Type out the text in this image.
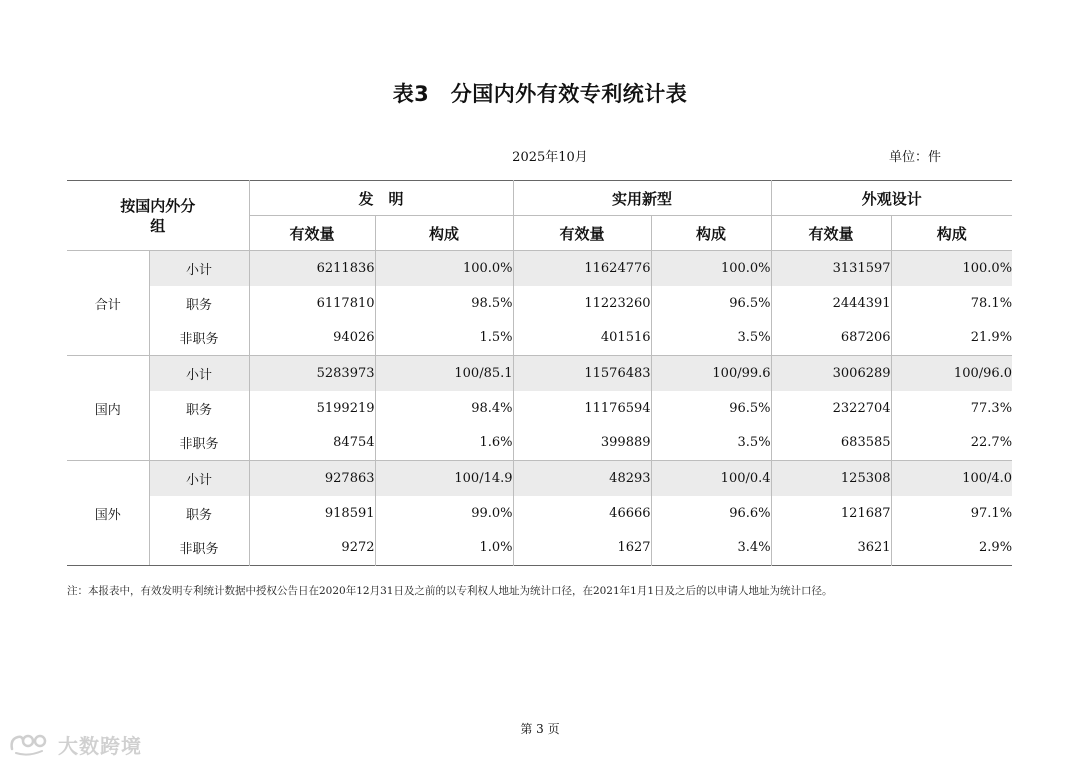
表3　分国内外有效专利统计表
2025年10月	单位：件
按国内外分组		发　明		实用新型		外观设计	
		有效量	构成	有效量	构成	有效量	构成
合计	小计	6211836	100.0%	11624776	100.0%	3131597	100.0%
	职务	6117810	98.5%	11223260	96.5%	2444391	78.1%
	非职务	94026	1.5%	401516	3.5%	687206	21.9%
国内	小计	5283973	100/85.1	11576483	100/99.6	3006289	100/96.0
	职务	5199219	98.4%	11176594	96.5%	2322704	77.3%
	非职务	84754	1.6%	399889	3.5%	683585	22.7%
国外	小计	927863	100/14.9	48293	100/0.4	125308	100/4.0
	职务	918591	99.0%	46666	96.6%	121687	97.1%
	非职务	9272	1.0%	1627	3.4%	3621	2.9%
注：本报表中，有效发明专利统计数据中授权公告日在2020年12月31日及之前的以专利权人地址为统计口径，在2021年1月1日及之后的以申请人地址为统计口径。
第 3 页
大数跨境
